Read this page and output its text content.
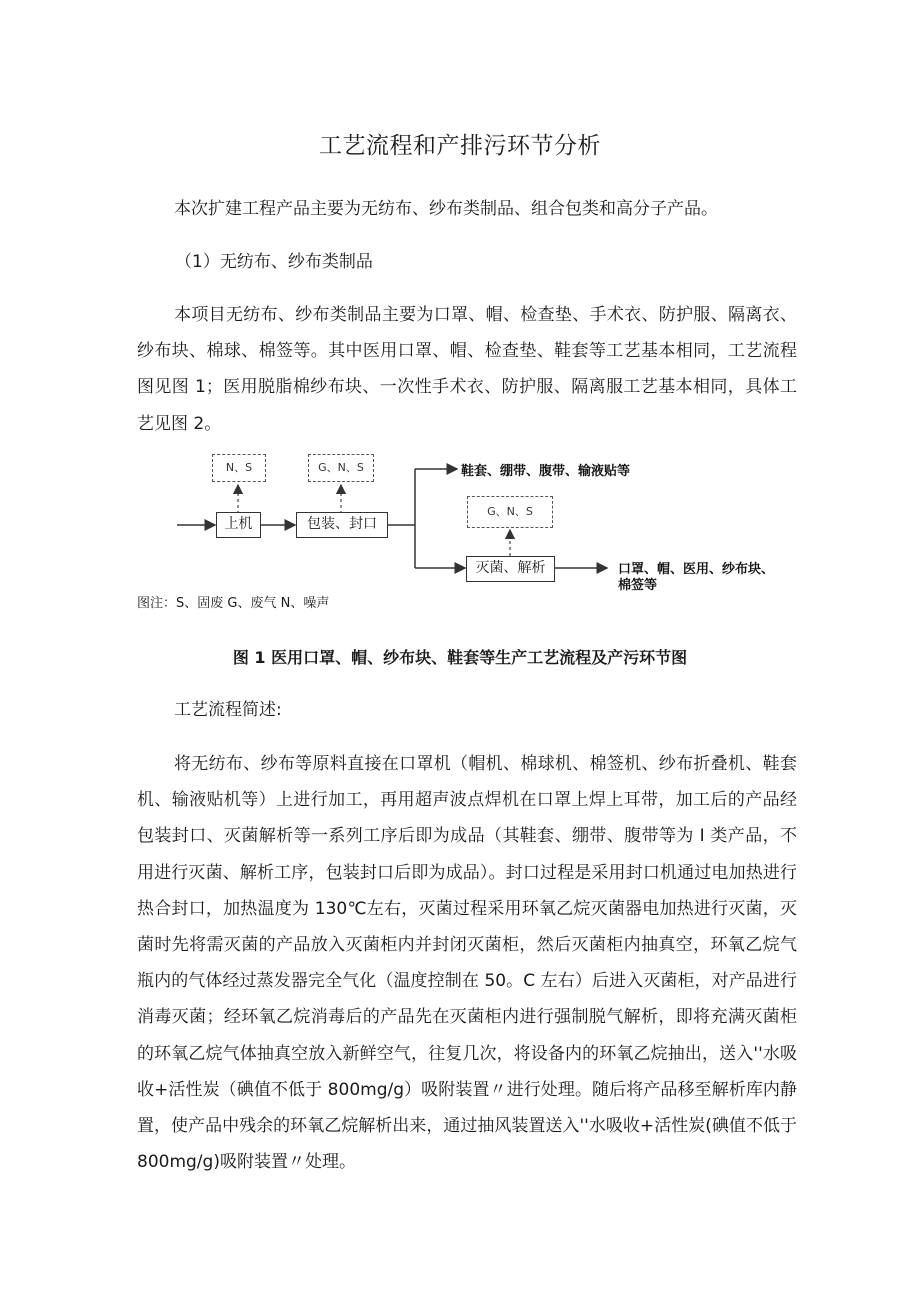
工艺流程和产排污环节分析
本次扩建工程产品主要为无纺布、纱布类制品、组合包类和高分子产品。
（1）无纺布、纱布类制品
本项目无纺布、纱布类制品主要为口罩、帽、检查垫、手术衣、防护服、隔离衣、纱布块、棉球、棉签等。其中医用口罩、帽、检查垫、鞋套等工艺基本相同，工艺流程图见图 1；医用脱脂棉纱布块、一次性手术衣、防护服、隔离服工艺基本相同，具体工艺见图 2。
N、S	G、N、S
G、N、S
上机	包装、封口
灭菌、解析
鞋套、绷带、腹带、输液贴等
口罩、帽、医用、纱布块、
棉签等
图注：S、固废 G、废气 N、噪声
图 1 医用口罩、帽、纱布块、鞋套等生产工艺流程及产污环节图
工艺流程简述:
将无纺布、纱布等原料直接在口罩机（帽机、棉球机、棉签机、纱布折叠机、鞋套机、输液贴机等）上进行加工，再用超声波点焊机在口罩上焊上耳带，加工后的产品经包装封口、灭菌解析等一系列工序后即为成品（其鞋套、绷带、腹带等为 I 类产品，不用进行灭菌、解析工序，包装封口后即为成品）。封口过程是采用封口机通过电加热进行热合封口，加热温度为 130℃左右，灭菌过程采用环氧乙烷灭菌器电加热进行灭菌，灭菌时先将需灭菌的产品放入灭菌柜内并封闭灭菌柜，然后灭菌柜内抽真空，环氧乙烷气瓶内的气体经过蒸发器完全气化（温度控制在 50。C 左右）后进入灭菌柜，对产品进行消毒灭菌；经环氧乙烷消毒后的产品先在灭菌柜内进行强制脱气解析，即将充满灭菌柜的环氧乙烷气体抽真空放入新鲜空气，往复几次，将设备内的环氧乙烷抽出，送入''水吸收+活性炭（碘值不低于 800mg/g）吸附装置〃进行处理。随后将产品移至解析库内静置，使产品中残余的环氧乙烷解析出来，通过抽风装置送入''水吸收+活性炭(碘值不低于 800mg/g)吸附装置〃处理。
